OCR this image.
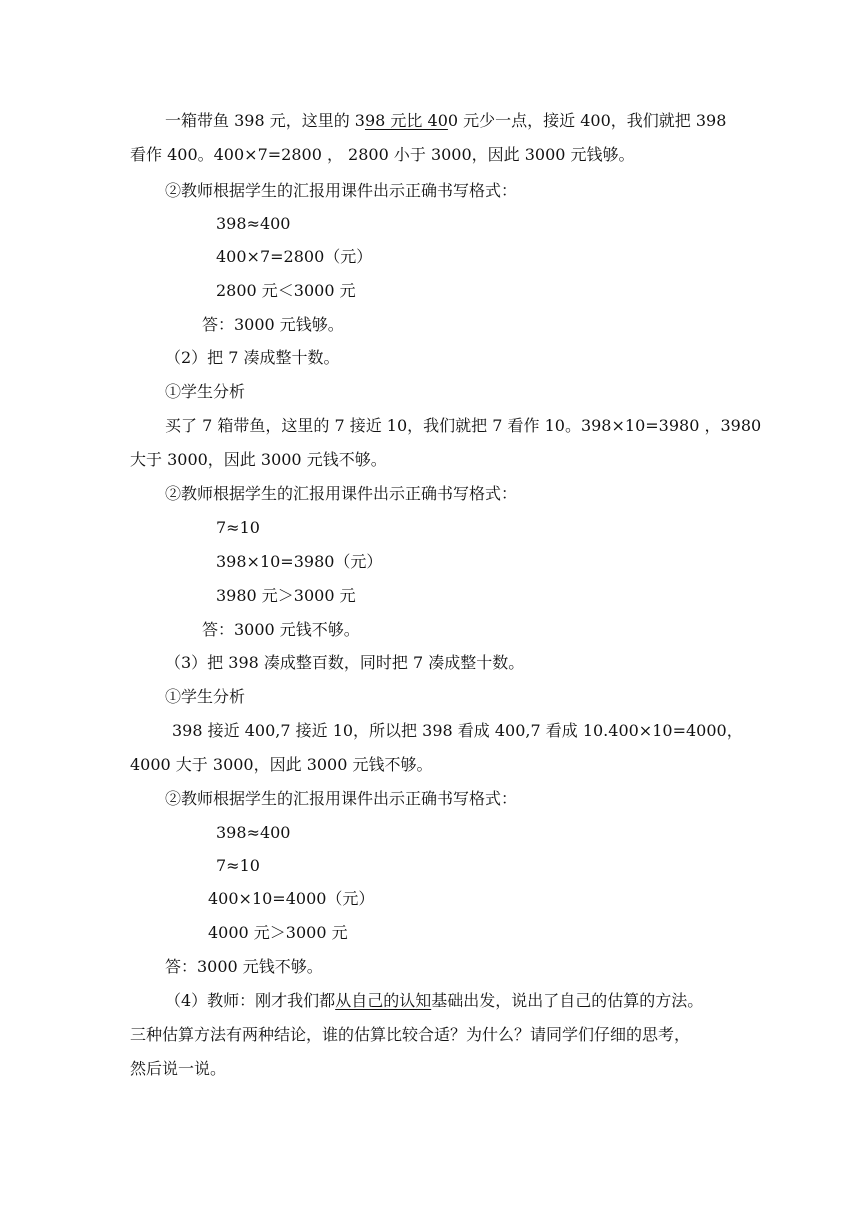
一箱带鱼 398 元，这里的 398 元比 400 元少一点，接近 400，我们就把 398
看作 400。400×7=2800 ， 2800 小于 3000，因此 3000 元钱够。
②教师根据学生的汇报用课件出示正确书写格式：
398≈400
400×7=2800（元）
2800 元＜3000 元
答：3000 元钱够。
（2）把 7 凑成整十数。
①学生分析
买了 7 箱带鱼，这里的 7 接近 10，我们就把 7 看作 10。398×10=3980 ，3980
大于 3000，因此 3000 元钱不够。
②教师根据学生的汇报用课件出示正确书写格式：
7≈10
398×10=3980（元）
3980 元＞3000 元
答：3000 元钱不够。
（3）把 398 凑成整百数，同时把 7 凑成整十数。
①学生分析
398 接近 400,7 接近 10，所以把 398 看成 400,7 看成 10.400×10=4000，
4000 大于 3000，因此 3000 元钱不够。
②教师根据学生的汇报用课件出示正确书写格式：
398≈400
7≈10
400×10=4000（元）
4000 元＞3000 元
答：3000 元钱不够。
（4）教师：刚才我们都从自己的认知基础出发，说出了自己的估算的方法。
三种估算方法有两种结论，谁的估算比较合适？为什么？请同学们仔细的思考，
然后说一说。
